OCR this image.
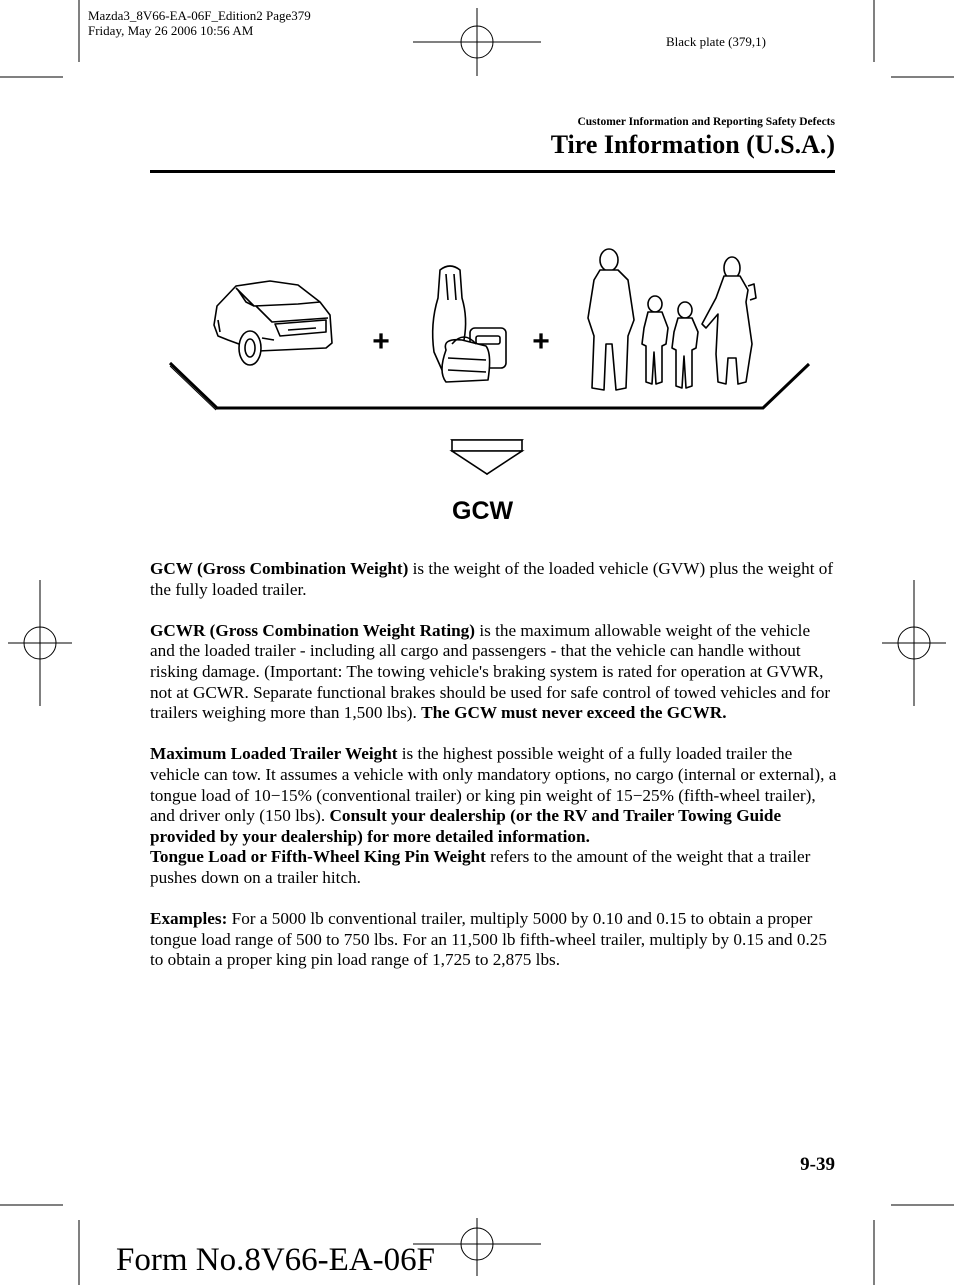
Mazda3_8V66-EA-06F_Edition2 Page379
Friday, May 26 2006 10:56 AM
Black plate (379,1)
Customer Information and Reporting Safety Defects
Tire Information (U.S.A.)
+	+
GCW

GCW (Gross Combination Weight) is the weight of the loaded vehicle (GVW) plus the weight of the fully loaded trailer.

GCWR (Gross Combination Weight Rating) is the maximum allowable weight of the vehicle and the loaded trailer - including all cargo and passengers - that the vehicle can handle without risking damage. (Important: The towing vehicle's braking system is rated for operation at GVWR, not at GCWR. Separate functional brakes should be used for safe control of towed vehicles and for trailers weighing more than 1,500 lbs). The GCW must never exceed the GCWR.

Maximum Loaded Trailer Weight is the highest possible weight of a fully loaded trailer the vehicle can tow. It assumes a vehicle with only mandatory options, no cargo (internal or external), a tongue load of 10−15% (conventional trailer) or king pin weight of 15−25% (fifth-wheel trailer), and driver only (150 lbs). Consult your dealership (or the RV and Trailer Towing Guide provided by your dealership) for more detailed information.
Tongue Load or Fifth-Wheel King Pin Weight refers to the amount of the weight that a trailer pushes down on a trailer hitch.

Examples: For a 5000 lb conventional trailer, multiply 5000 by 0.10 and 0.15 to obtain a proper tongue load range of 500 to 750 lbs. For an 11,500 lb fifth-wheel trailer, multiply by 0.15 and 0.25 to obtain a proper king pin load range of 1,725 to 2,875 lbs.

9-39
Form No.8V66-EA-06F
